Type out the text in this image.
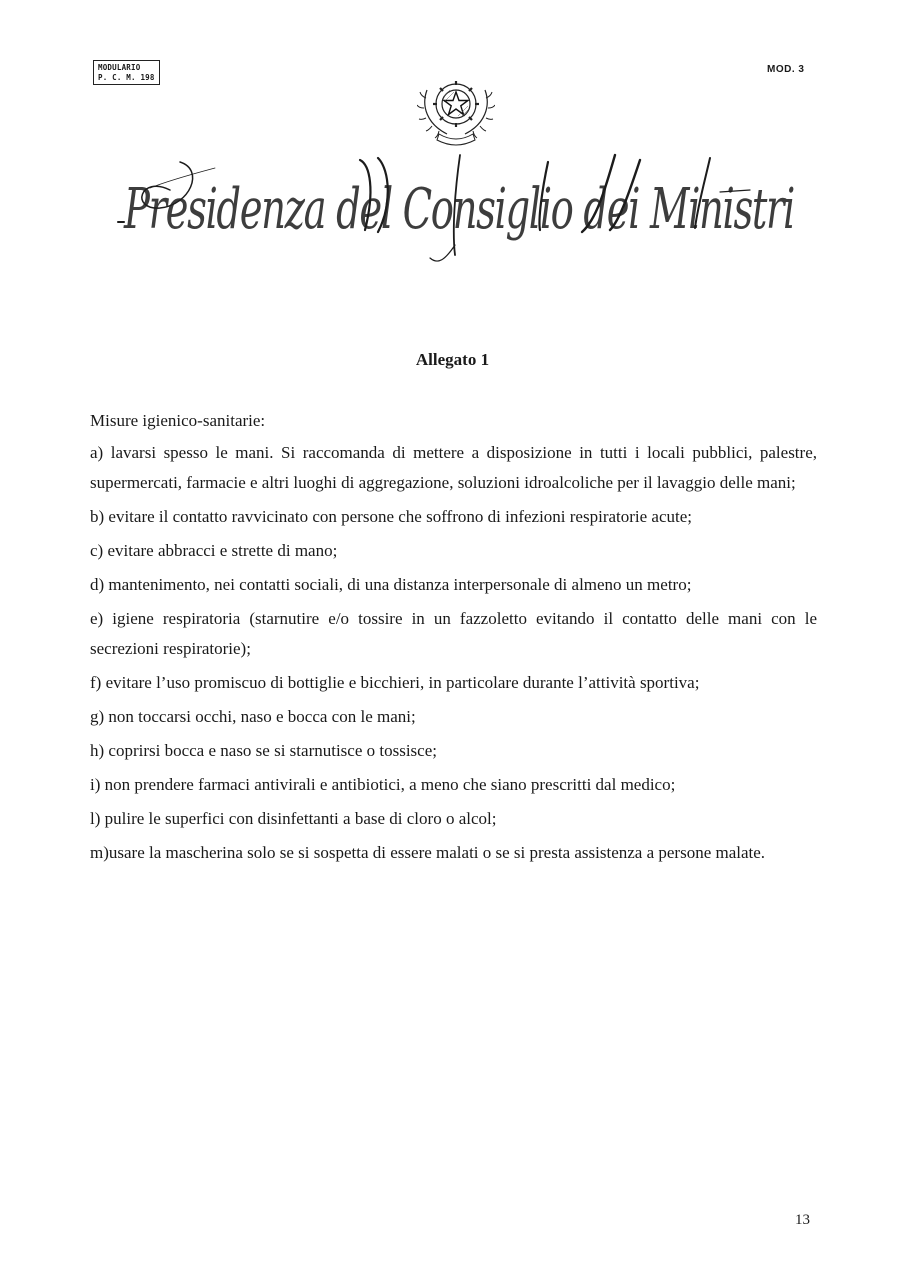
MODULARIO
P. C. M. 198
MOD. 3
Presidenza del Consiglio dei Ministri
Allegato 1
Misure igienico-sanitarie:
a) lavarsi spesso le mani. Si raccomanda di mettere a disposizione in tutti i locali pubblici, palestre, supermercati, farmacie e altri luoghi di aggregazione, soluzioni idroalcoliche per il lavaggio delle mani;
b) evitare il contatto ravvicinato con persone che soffrono di infezioni respiratorie acute;
c) evitare abbracci e strette di mano;
d) mantenimento, nei contatti sociali, di una distanza interpersonale di almeno un metro;
e) igiene respiratoria (starnutire e/o tossire in un fazzoletto evitando il contatto delle mani con le secrezioni respiratorie);
f) evitare l’uso promiscuo di bottiglie e bicchieri, in particolare durante l’attività sportiva;
g) non toccarsi occhi, naso e bocca con le mani;
h) coprirsi bocca e naso se si starnutisce o tossisce;
i) non prendere farmaci antivirali e antibiotici, a meno che siano prescritti dal medico;
l) pulire le superfici con disinfettanti a base di cloro o alcol;
m)usare la mascherina solo se si sospetta di essere malati o se si presta assistenza a persone malate.
13
